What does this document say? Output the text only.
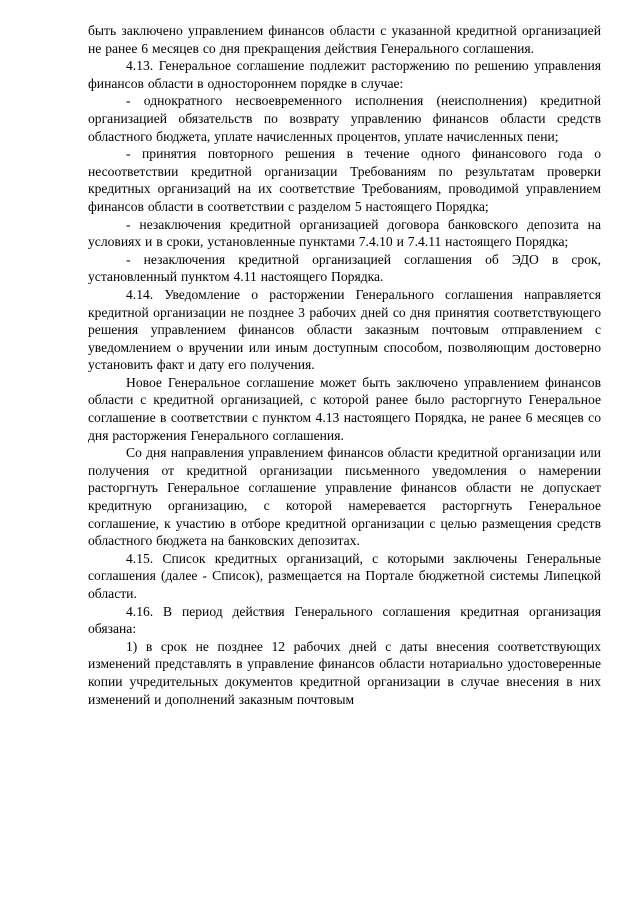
быть заключено управлением финансов области с указанной кредитной организацией не ранее 6 месяцев со дня прекращения действия Генерального соглашения.

4.13. Генеральное соглашение подлежит расторжению по решению управления финансов области в одностороннем порядке в случае:

- однократного несвоевременного исполнения (неисполнения) кредитной организацией обязательств по возврату управлению финансов области средств областного бюджета, уплате начисленных процентов, уплате начисленных пени;

- принятия повторного решения в течение одного финансового года о несоответствии кредитной организации Требованиям по результатам проверки кредитных организаций на их соответствие Требованиям, проводимой управлением финансов области в соответствии с разделом 5 настоящего Порядка;

- незаключения кредитной организацией договора банковского депозита на условиях и в сроки, установленные пунктами 7.4.10 и 7.4.11 настоящего Порядка;

- незаключения кредитной организацией соглашения об ЭДО в срок, установленный пунктом 4.11 настоящего Порядка.

4.14. Уведомление о расторжении Генерального соглашения направляется кредитной организации не позднее 3 рабочих дней со дня принятия соответствующего решения управлением финансов области заказным почтовым отправлением с уведомлением о вручении или иным доступным способом, позволяющим достоверно установить факт и дату его получения.

Новое Генеральное соглашение может быть заключено управлением финансов области с кредитной организацией, с которой ранее было расторгнуто Генеральное соглашение в соответствии с пунктом 4.13 настоящего Порядка, не ранее 6 месяцев со дня расторжения Генерального соглашения.

Со дня направления управлением финансов области кредитной организации или получения от кредитной организации письменного уведомления о намерении расторгнуть Генеральное соглашение управление финансов области не допускает кредитную организацию, с которой намеревается расторгнуть Генеральное соглашение, к участию в отборе кредитной организации с целью размещения средств областного бюджета на банковских депозитах.

4.15. Список кредитных организаций, с которыми заключены Генеральные соглашения (далее - Список), размещается на Портале бюджетной системы Липецкой области.

4.16. В период действия Генерального соглашения кредитная организация обязана:

1) в срок не позднее 12 рабочих дней с даты внесения соответствующих изменений представлять в управление финансов области нотариально удостоверенные копии учредительных документов кредитной организации в случае внесения в них изменений и дополнений заказным почтовым
